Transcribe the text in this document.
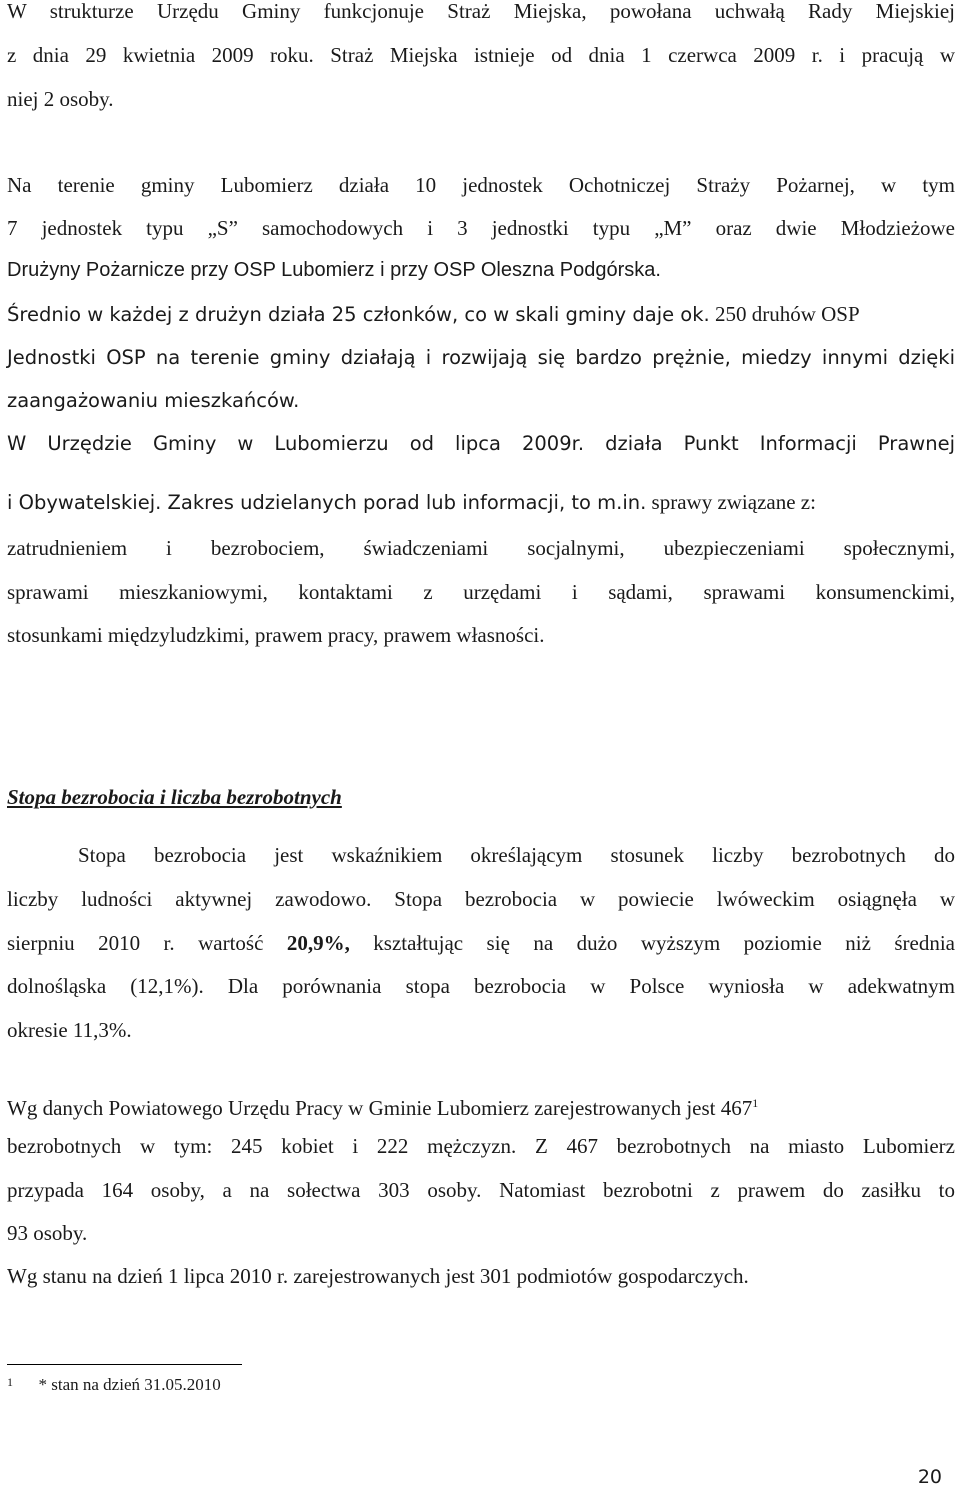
W strukturze Urzędu Gminy funkcjonuje Straż Miejska, powołana uchwałą Rady Miejskiej
z dnia 29 kwietnia 2009 roku. Straż Miejska istnieje od dnia 1 czerwca 2009 r. i pracują w
niej 2 osoby.
Na terenie gminy Lubomierz działa 10 jednostek Ochotniczej Straży Pożarnej, w tym
7 jednostek typu „S” samochodowych i 3 jednostki typu „M” oraz dwie Młodzieżowe
Drużyny Pożarnicze przy OSP Lubomierz i przy OSP Oleszna Podgórska.
Średnio w każdej z drużyn działa 25 członków, co w skali gminy daje ok. 250 druhów OSP
Jednostki OSP na terenie gminy działają i rozwijają się bardzo prężnie, miedzy innymi dzięki
zaangażowaniu mieszkańców.
W Urzędzie Gminy w Lubomierzu od lipca 2009r. działa Punkt Informacji Prawnej
i Obywatelskiej. Zakres udzielanych porad lub informacji, to m.in. sprawy związane z:
zatrudnieniem i bezrobociem, świadczeniami socjalnymi, ubezpieczeniami społecznymi,
sprawami mieszkaniowymi, kontaktami z urzędami i sądami, sprawami konsumenckimi,
stosunkami międzyludzkimi, prawem pracy, prawem własności.
Stopa bezrobocia i liczba bezrobotnych
Stopa bezrobocia jest wskaźnikiem określającym stosunek liczby bezrobotnych do
liczby ludności aktywnej zawodowo. Stopa bezrobocia w powiecie lwóweckim osiągnęła w
sierpniu 2010 r. wartość 20,9%, kształtując się na dużo wyższym poziomie niż średnia
dolnośląska (12,1%). Dla porównania stopa bezrobocia w Polsce wyniosła w adekwatnym
okresie 11,3%.
Wg danych Powiatowego Urzędu Pracy w Gminie Lubomierz zarejestrowanych jest $467^1$
bezrobotnych w tym: 245 kobiet i 222 mężczyzn. Z 467 bezrobotnych na miasto Lubomierz
przypada 164 osoby, a na sołectwa 303 osoby. Natomiast bezrobotni z prawem do zasiłku to
93 osoby.
Wg stanu na dzień 1 lipca 2010 r. zarejestrowanych jest 301 podmiotów gospodarczych.
$^1$ * stan na dzień 31.05.2010
20
